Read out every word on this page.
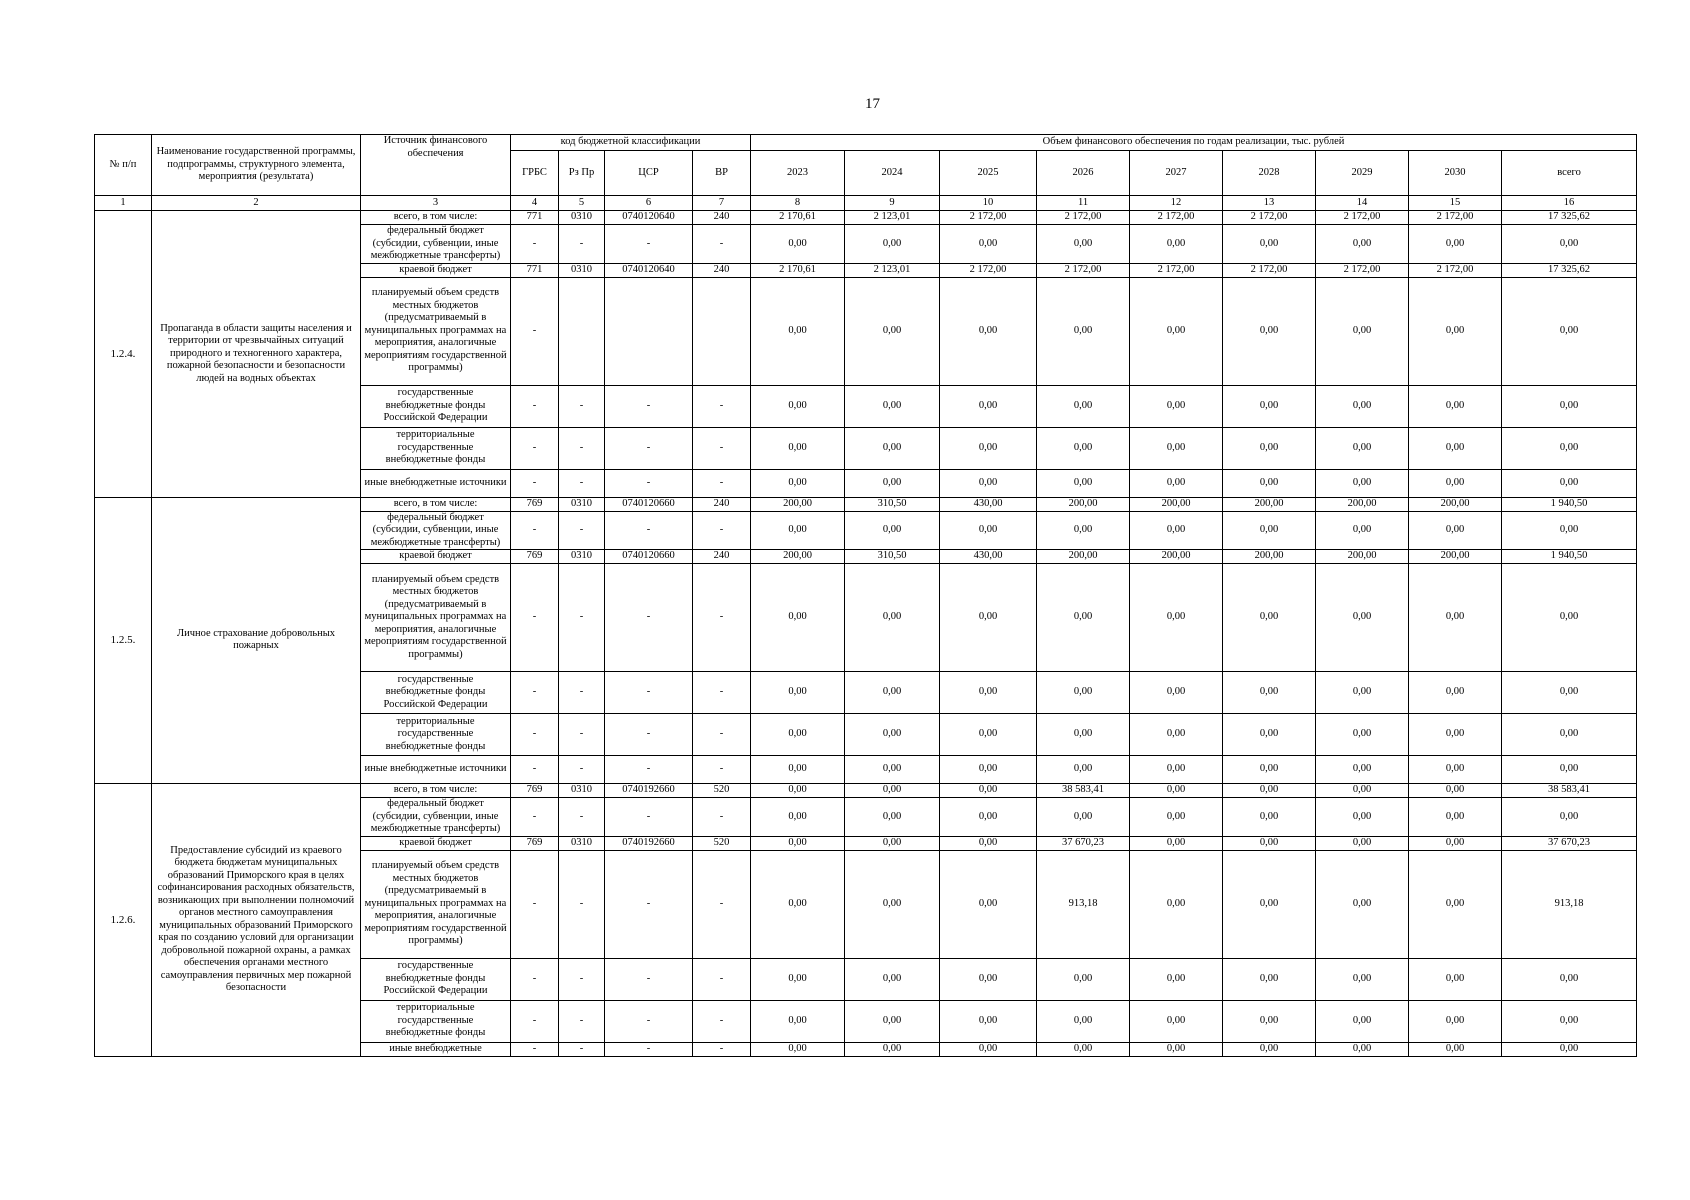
17
№ п/п	Наименование государственной программы, подпрограммы, структурного элемента, мероприятия (результата)	Источник финансового обеспечения	код бюджетной классификации				Объем финансового обеспечения по годам реализации, тыс. рублей								
			ГРБС	Рз Пр	ЦСР	ВР	2023	2024	2025	2026	2027	2028	2029	2030	всего
1	2	3	4	5	6	7	8	9	10	11	12	13	14	15	16
1.2.4.	Пропаганда в области защиты населения и территории от чрезвычайных ситуаций природного и техногенного характера, пожарной безопасности и безопасности людей на водных объектах	всего, в том числе:	771	0310	0740120640	240	2 170,61	2 123,01	2 172,00	2 172,00	2 172,00	2 172,00	2 172,00	2 172,00	17 325,62
		федеральный бюджет (субсидии, субвенции, иные межбюджетные трансферты)	-	-	-	-	0,00	0,00	0,00	0,00	0,00	0,00	0,00	0,00	0,00
		краевой бюджет	771	0310	0740120640	240	2 170,61	2 123,01	2 172,00	2 172,00	2 172,00	2 172,00	2 172,00	2 172,00	17 325,62
		планируемый объем средств местных бюджетов (предусматриваемый в муниципальных программах на мероприятия, аналогичные мероприятиям государственной программы)	-				0,00	0,00	0,00	0,00	0,00	0,00	0,00	0,00	0,00
		государственные внебюджетные фонды Российской Федерации	-	-	-	-	0,00	0,00	0,00	0,00	0,00	0,00	0,00	0,00	0,00
		территориальные государственные внебюджетные фонды	-	-	-	-	0,00	0,00	0,00	0,00	0,00	0,00	0,00	0,00	0,00
		иные внебюджетные источники	-	-	-	-	0,00	0,00	0,00	0,00	0,00	0,00	0,00	0,00	0,00
1.2.5.	Личное страхование добровольных пожарных	всего, в том числе:	769	0310	0740120660	240	200,00	310,50	430,00	200,00	200,00	200,00	200,00	200,00	1 940,50
		федеральный бюджет (субсидии, субвенции, иные межбюджетные трансферты)	-	-	-	-	0,00	0,00	0,00	0,00	0,00	0,00	0,00	0,00	0,00
		краевой бюджет	769	0310	0740120660	240	200,00	310,50	430,00	200,00	200,00	200,00	200,00	200,00	1 940,50
		планируемый объем средств местных бюджетов (предусматриваемый в муниципальных программах на мероприятия, аналогичные мероприятиям государственной программы)	-	-	-	-	0,00	0,00	0,00	0,00	0,00	0,00	0,00	0,00	0,00
		государственные внебюджетные фонды Российской Федерации	-	-	-	-	0,00	0,00	0,00	0,00	0,00	0,00	0,00	0,00	0,00
		территориальные государственные внебюджетные фонды	-	-	-	-	0,00	0,00	0,00	0,00	0,00	0,00	0,00	0,00	0,00
		иные внебюджетные источники	-	-	-	-	0,00	0,00	0,00	0,00	0,00	0,00	0,00	0,00	0,00
1.2.6.	Предоставление субсидий из краевого бюджета бюджетам муниципальных образований Приморского края в целях софинансирования расходных обязательств, возникающих при выполнении полномочий органов местного самоуправления муниципальных образований Приморского края по созданию условий для организации добровольной пожарной охраны, а рамках обеспечения органами местного самоуправления первичных мер пожарной безопасности	всего, в том числе:	769	0310	0740192660	520	0,00	0,00	0,00	38 583,41	0,00	0,00	0,00	0,00	38 583,41
		федеральный бюджет (субсидии, субвенции, иные межбюджетные трансферты)	-	-	-	-	0,00	0,00	0,00	0,00	0,00	0,00	0,00	0,00	0,00
		краевой бюджет	769	0310	0740192660	520	0,00	0,00	0,00	37 670,23	0,00	0,00	0,00	0,00	37 670,23
		планируемый объем средств местных бюджетов (предусматриваемый в муниципальных программах на мероприятия, аналогичные мероприятиям государственной программы)	-	-	-	-	0,00	0,00	0,00	913,18	0,00	0,00	0,00	0,00	913,18
		государственные внебюджетные фонды Российской Федерации	-	-	-	-	0,00	0,00	0,00	0,00	0,00	0,00	0,00	0,00	0,00
		территориальные государственные внебюджетные фонды	-	-	-	-	0,00	0,00	0,00	0,00	0,00	0,00	0,00	0,00	0,00
		иные внебюджетные	-	-	-	-	0,00	0,00	0,00	0,00	0,00	0,00	0,00	0,00	0,00
